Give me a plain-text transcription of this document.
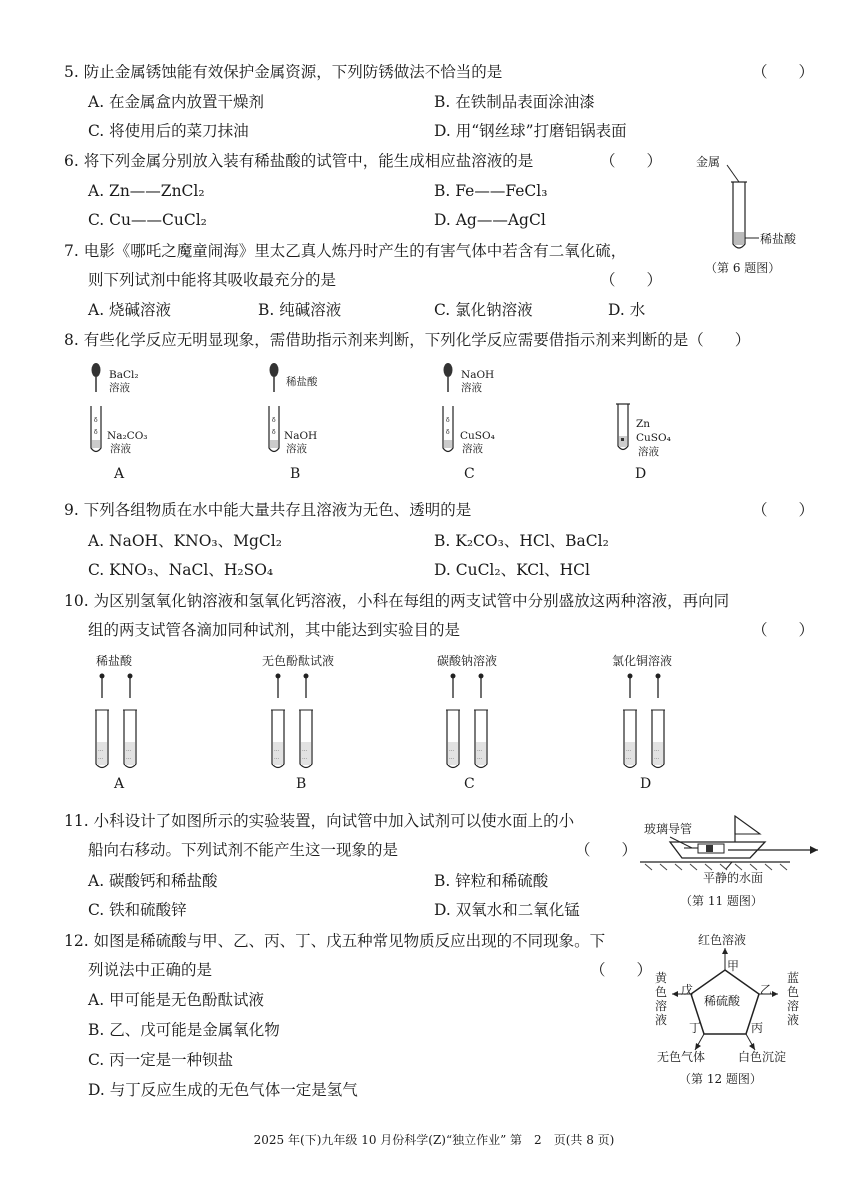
5. 防止金属锈蚀能有效保护金属资源，下列防锈做法不恰当的是	（　　）
A. 在金属盒内放置干燥剂	B. 在铁制品表面涂油漆
C. 将使用后的菜刀抹油	D. 用“钢丝球”打磨铝锅表面
6. 将下列金属分别放入装有稀盐酸的试管中，能生成相应盐溶液的是	（　　）
A. Zn——ZnCl₂	B. Fe——FeCl₃
C. Cu——CuCl₂	D. Ag——AgCl
金属
稀盐酸
（第 6 题图）
7. 电影《哪吒之魔童闹海》里太乙真人炼丹时产生的有害气体中若含有二氧化硫，
则下列试剂中能将其吸收最充分的是	（　　）
A. 烧碱溶液	B. 纯碱溶液	C. 氯化钠溶液	D. 水
8. 有些化学反应无明显现象，需借助指示剂来判断，下列化学反应需要借指示剂来判断的是（　　）
δ
δ
BaCl₂
溶液
Na₂CO₃
溶液
A
δ
δ
稀盐酸
NaOH
溶液
B
δ
δ
NaOH
溶液
CuSO₄
溶液
C
Zn
CuSO₄
溶液
D
9. 下列各组物质在水中能大量共存且溶液为无色、透明的是	（　　）
A. NaOH、KNO₃、MgCl₂	B. K₂CO₃、HCl、BaCl₂
C. KNO₃、NaCl、H₂SO₄	D. CuCl₂、KCl、HCl
10. 为区别氢氧化钠溶液和氢氧化钙溶液，小科在每组的两支试管中分别盛放这两种溶液，再向同
组的两支试管各滴加同种试剂，其中能达到实验目的是	（　　）
稀盐酸	无色酚酞试液	碳酸钠溶液	氯化铜溶液
⋅⋅⋅
⋅⋅⋅
⋅⋅⋅
⋅⋅⋅
⋅⋅⋅
⋅⋅⋅
⋅⋅⋅
⋅⋅⋅
⋅⋅⋅
⋅⋅⋅
⋅⋅⋅
⋅⋅⋅
⋅⋅⋅
⋅⋅⋅
⋅⋅⋅
⋅⋅⋅
A	B	C	D
11. 小科设计了如图所示的实验装置，向试管中加入试剂可以使水面上的小
船向右移动。下列试剂不能产生这一现象的是	（　　）
A. 碳酸钙和稀盐酸	B. 锌粒和稀硫酸
C. 铁和硫酸锌	D. 双氧水和二氧化锰
玻璃导管
平静的水面
（第 11 题图）
12. 如图是稀硫酸与甲、乙、丙、丁、戊五种常见物质反应出现的不同现象。下
列说法中正确的是	（　　）
A. 甲可能是无色酚酞试液
B. 乙、戊可能是金属氧化物
C. 丙一定是一种钡盐
D. 与丁反应生成的无色气体一定是氢气
红色溶液
甲
戊	乙
稀硫酸
丁	丙
黄
色
溶
液
蓝
色
溶
液
无色气体	白色沉淀
（第 12 题图）
2025 年(下)九年级 10 月份科学(Z)“独立作业” 第　2　页(共 8 页)
